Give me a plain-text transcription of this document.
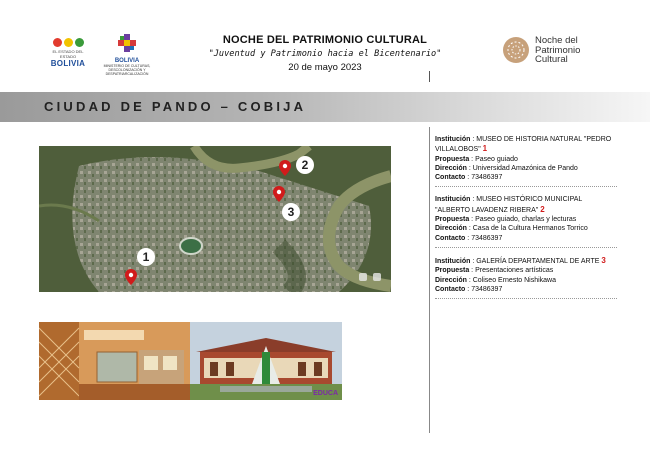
EL ESTADO DEL ESTADO
BOLIVIA	BOLIVIA
MINISTERIO DE CULTURAS, DESCOLONIZACIÓN Y DESPATRIARCALIZACIÓN
NOCHE DEL PATRIMONIO CULTURAL
"Juventud y Patrimonio hacia el Bicentenario"
20 de mayo 2023
Noche del
Patrimonio
Cultural
CIUDAD DE PANDO – COBIJA
2
3
1
EDUCA
Institución : MUSEO DE HISTORIA NATURAL "PEDRO VILLALOBOS" 1
Propuesta : Paseo guiado
Dirección : Universidad Amazónica de Pando
Contacto : 73486397
Institución : MUSEO HISTÓRICO MUNICIPAL "ALBERTO LAVADENZ RIBERA" 2
Propuesta : Paseo guiado, charlas y lecturas
Dirección : Casa de la Cultura Hermanos Torrico
Contacto : 73486397
Institución : GALERÍA DEPARTAMENTAL DE ARTE 3
Propuesta : Presentaciones artísticas
Dirección : Coliseo Ernesto Nishikawa
Contacto : 73486397
